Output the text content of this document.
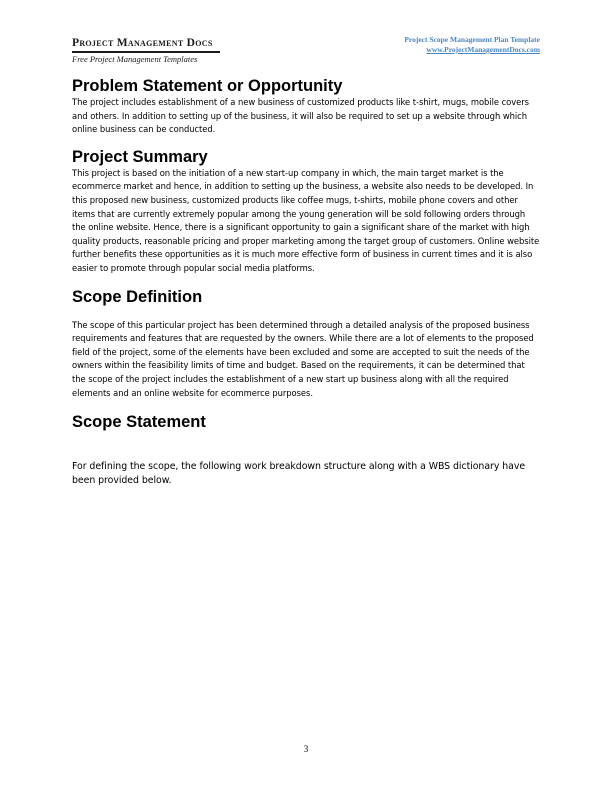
Project Management Docs
Free Project Management Templates
Project Scope Management Plan Template
www.ProjectManagementDocs.com
Problem Statement or Opportunity

The project includes establishment of a new business of customized products like t-shirt, mugs, mobile covers and others. In addition to setting up of the business, it will also be required to set up a website through which online business can be conducted.

Project Summary

This project is based on the initiation of a new start-up company in which, the main target market is the ecommerce market and hence, in addition to setting up the business, a website also needs to be developed. In this proposed new business, customized products like coffee mugs, t-shirts, mobile phone covers and other items that are currently extremely popular among the young generation will be sold following orders through the online website. Hence, there is a significant opportunity to gain a significant share of the market with high quality products, reasonable pricing and proper marketing among the target group of customers. Online website further benefits these opportunities as it is much more effective form of business in current times and it is also easier to promote through popular social media platforms.

Scope Definition

The scope of this particular project has been determined through a detailed analysis of the proposed business requirements and features that are requested by the owners. While there are a lot of elements to the proposed field of the project, some of the elements have been excluded and some are accepted to suit the needs of the owners within the feasibility limits of time and budget. Based on the requirements, it can be determined that the scope of the project includes the establishment of a new start up business along with all the required elements and an online website for ecommerce purposes.

Scope Statement

For defining the scope, the following work breakdown structure along with a WBS dictionary have been provided below.

3
